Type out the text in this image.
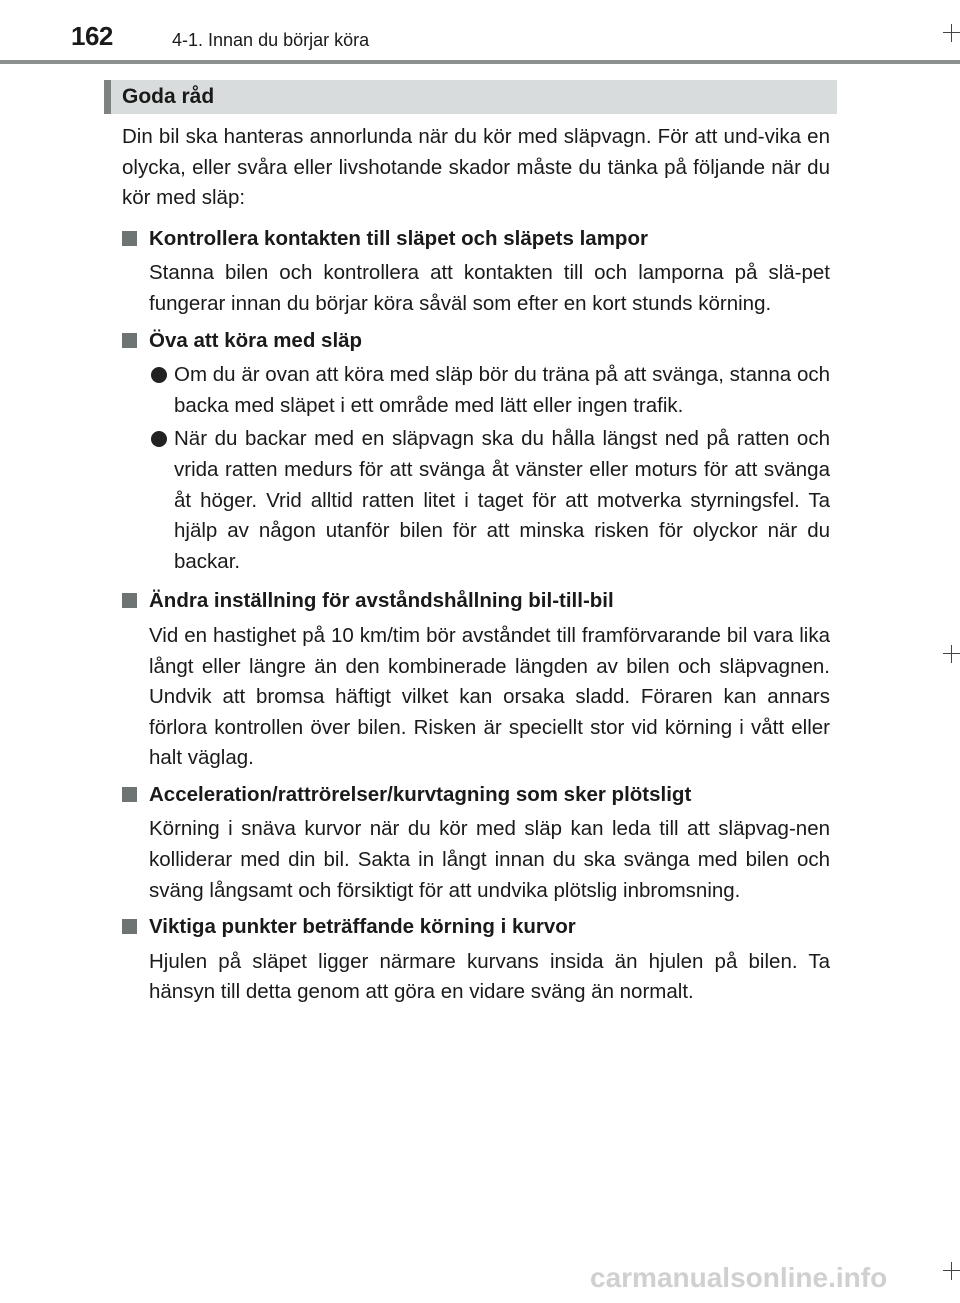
162	4-1. Innan du börjar köra
Goda råd

Din bil ska hanteras annorlunda när du kör med släpvagn. För att und-vika en olycka, eller svåra eller livshotande skador måste du tänka på följande när du kör med släp:

Kontrollera kontakten till släpet och släpets lampor

Stanna bilen och kontrollera att kontakten till och lamporna på slä-pet fungerar innan du börjar köra såväl som efter en kort stunds körning.

Öva att köra med släp

Om du är ovan att köra med släp bör du träna på att svänga, stanna och backa med släpet i ett område med lätt eller ingen trafik.

När du backar med en släpvagn ska du hålla längst ned på ratten och vrida ratten medurs för att svänga åt vänster eller moturs för att svänga åt höger. Vrid alltid ratten litet i taget för att motverka styrningsfel. Ta hjälp av någon utanför bilen för att minska risken för olyckor när du backar.

Ändra inställning för avståndshållning bil-till-bil

Vid en hastighet på 10 km/tim bör avståndet till framförvarande bil vara lika långt eller längre än den kombinerade längden av bilen och släpvagnen. Undvik att bromsa häftigt vilket kan orsaka sladd. Föraren kan annars förlora kontrollen över bilen. Risken är speciellt stor vid körning i vått eller halt väglag.

Acceleration/rattrörelser/kurvtagning som sker plötsligt

Körning i snäva kurvor när du kör med släp kan leda till att släpvag-nen kolliderar med din bil. Sakta in långt innan du ska svänga med bilen och sväng långsamt och försiktigt för att undvika plötslig inbromsning.

Viktiga punkter beträffande körning i kurvor

Hjulen på släpet ligger närmare kurvans insida än hjulen på bilen. Ta hänsyn till detta genom att göra en vidare sväng än normalt.

carmanualsonline.info
